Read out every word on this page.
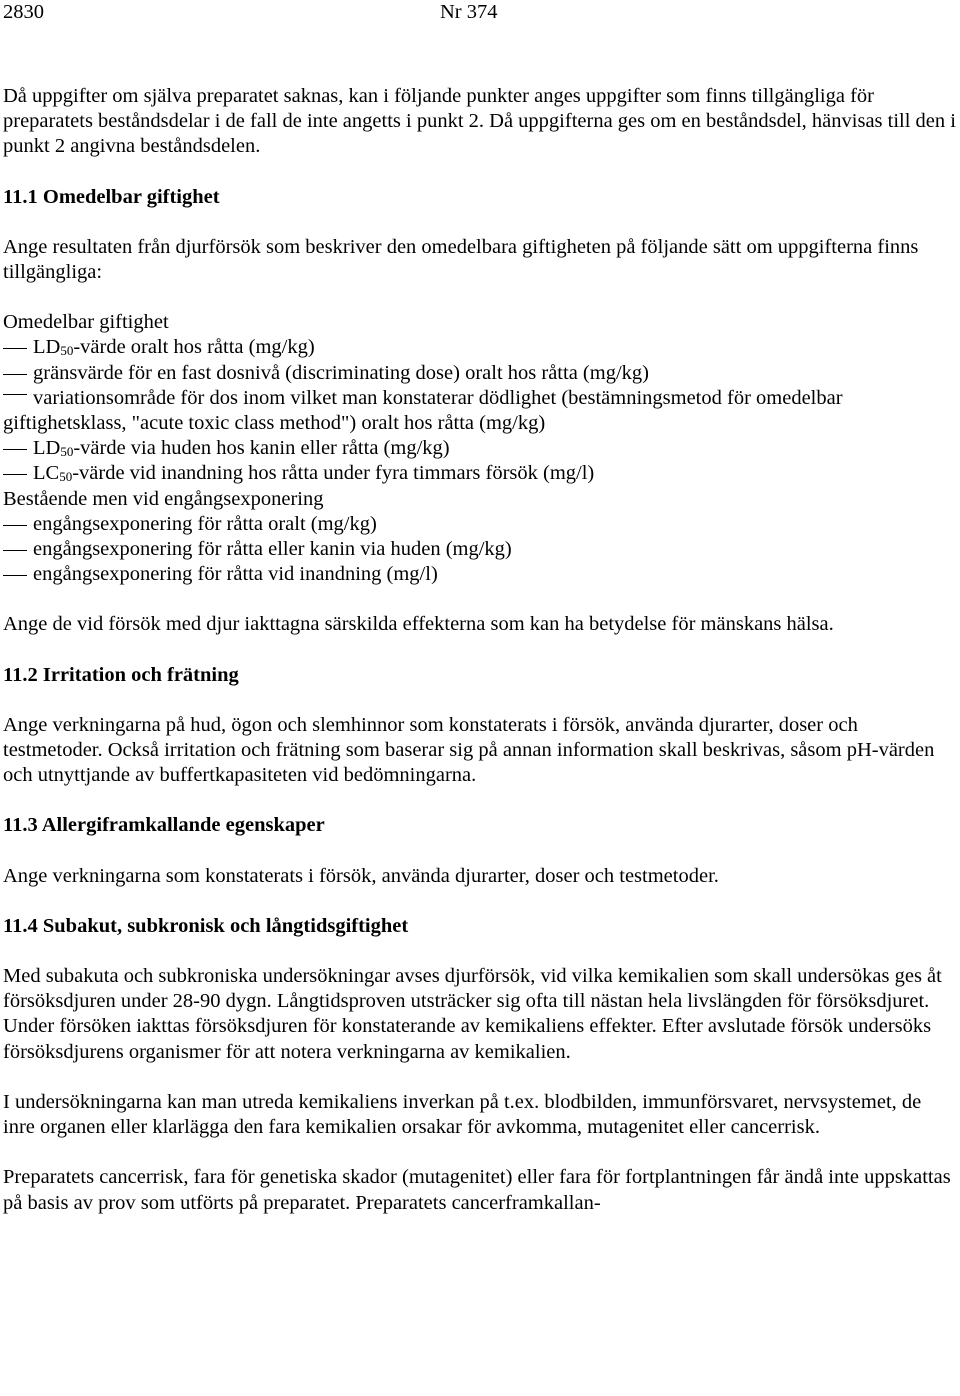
2830	Nr 374

Då uppgifter om själva preparatet saknas, kan i följande punkter anges uppgifter som finns tillgängliga för preparatets beståndsdelar i de fall de inte angetts i punkt 2. Då uppgifterna ges om en beståndsdel, hänvisas till den i punkt 2 angivna beståndsdelen.

11.1 Omedelbar giftighet

Ange resultaten från djurförsök som beskriver den omedelbara giftigheten på följande sätt om uppgifterna finns tillgängliga:

Omedelbar giftighet

$LD_{50}$-värde oralt hos råtta (mg/kg)
gränsvärde för en fast dosnivå (discriminating dose) oralt hos råtta (mg/kg)
variationsområde för dos inom vilket man konstaterar dödlighet (bestämningsmetod för omedelbar giftighetsklass, "acute toxic class method") oralt hos råtta (mg/kg)
$LD_{50}$-värde via huden hos kanin eller råtta (mg/kg)
$LC_{50}$-värde vid inandning hos råtta under fyra timmars försök (mg/l)

Bestående men vid engångsexponering

engångsexponering för råtta oralt (mg/kg)
engångsexponering för råtta eller kanin via huden (mg/kg)
engångsexponering för råtta vid inandning (mg/l)

Ange de vid försök med djur iakttagna särskilda effekterna som kan ha betydelse för mänskans hälsa.

11.2 Irritation och frätning

Ange verkningarna på hud, ögon och slemhinnor som konstaterats i försök, använda djurarter, doser och testmetoder. Också irritation och frätning som baserar sig på annan information skall beskrivas, såsom pH-värden och utnyttjande av buffertkapasiteten vid bedömningarna.

11.3 Allergiframkallande egenskaper

Ange verkningarna som konstaterats i försök, använda djurarter, doser och testmetoder.

11.4 Subakut, subkronisk och långtidsgiftighet

Med subakuta och subkroniska undersökningar avses djurförsök, vid vilka kemikalien som skall undersökas ges åt försöksdjuren under 28-90 dygn. Långtidsproven utsträcker sig ofta till nästan hela livslängden för försöksdjuret. Under försöken iakttas försöksdjuren för konstaterande av kemikaliens effekter. Efter avslutade försök undersöks försöksdjurens organismer för att notera verkningarna av kemikalien.

I undersökningarna kan man utreda kemikaliens inverkan på t.ex. blodbilden, immunförsvaret, nervsystemet, de inre organen eller klarlägga den fara kemikalien orsakar för avkomma, mutagenitet eller cancerrisk.

Preparatets cancerrisk, fara för genetiska skador (mutagenitet) eller fara för fortplantningen får ändå inte uppskattas på basis av prov som utförts på preparatet. Preparatets cancerframkallan-
